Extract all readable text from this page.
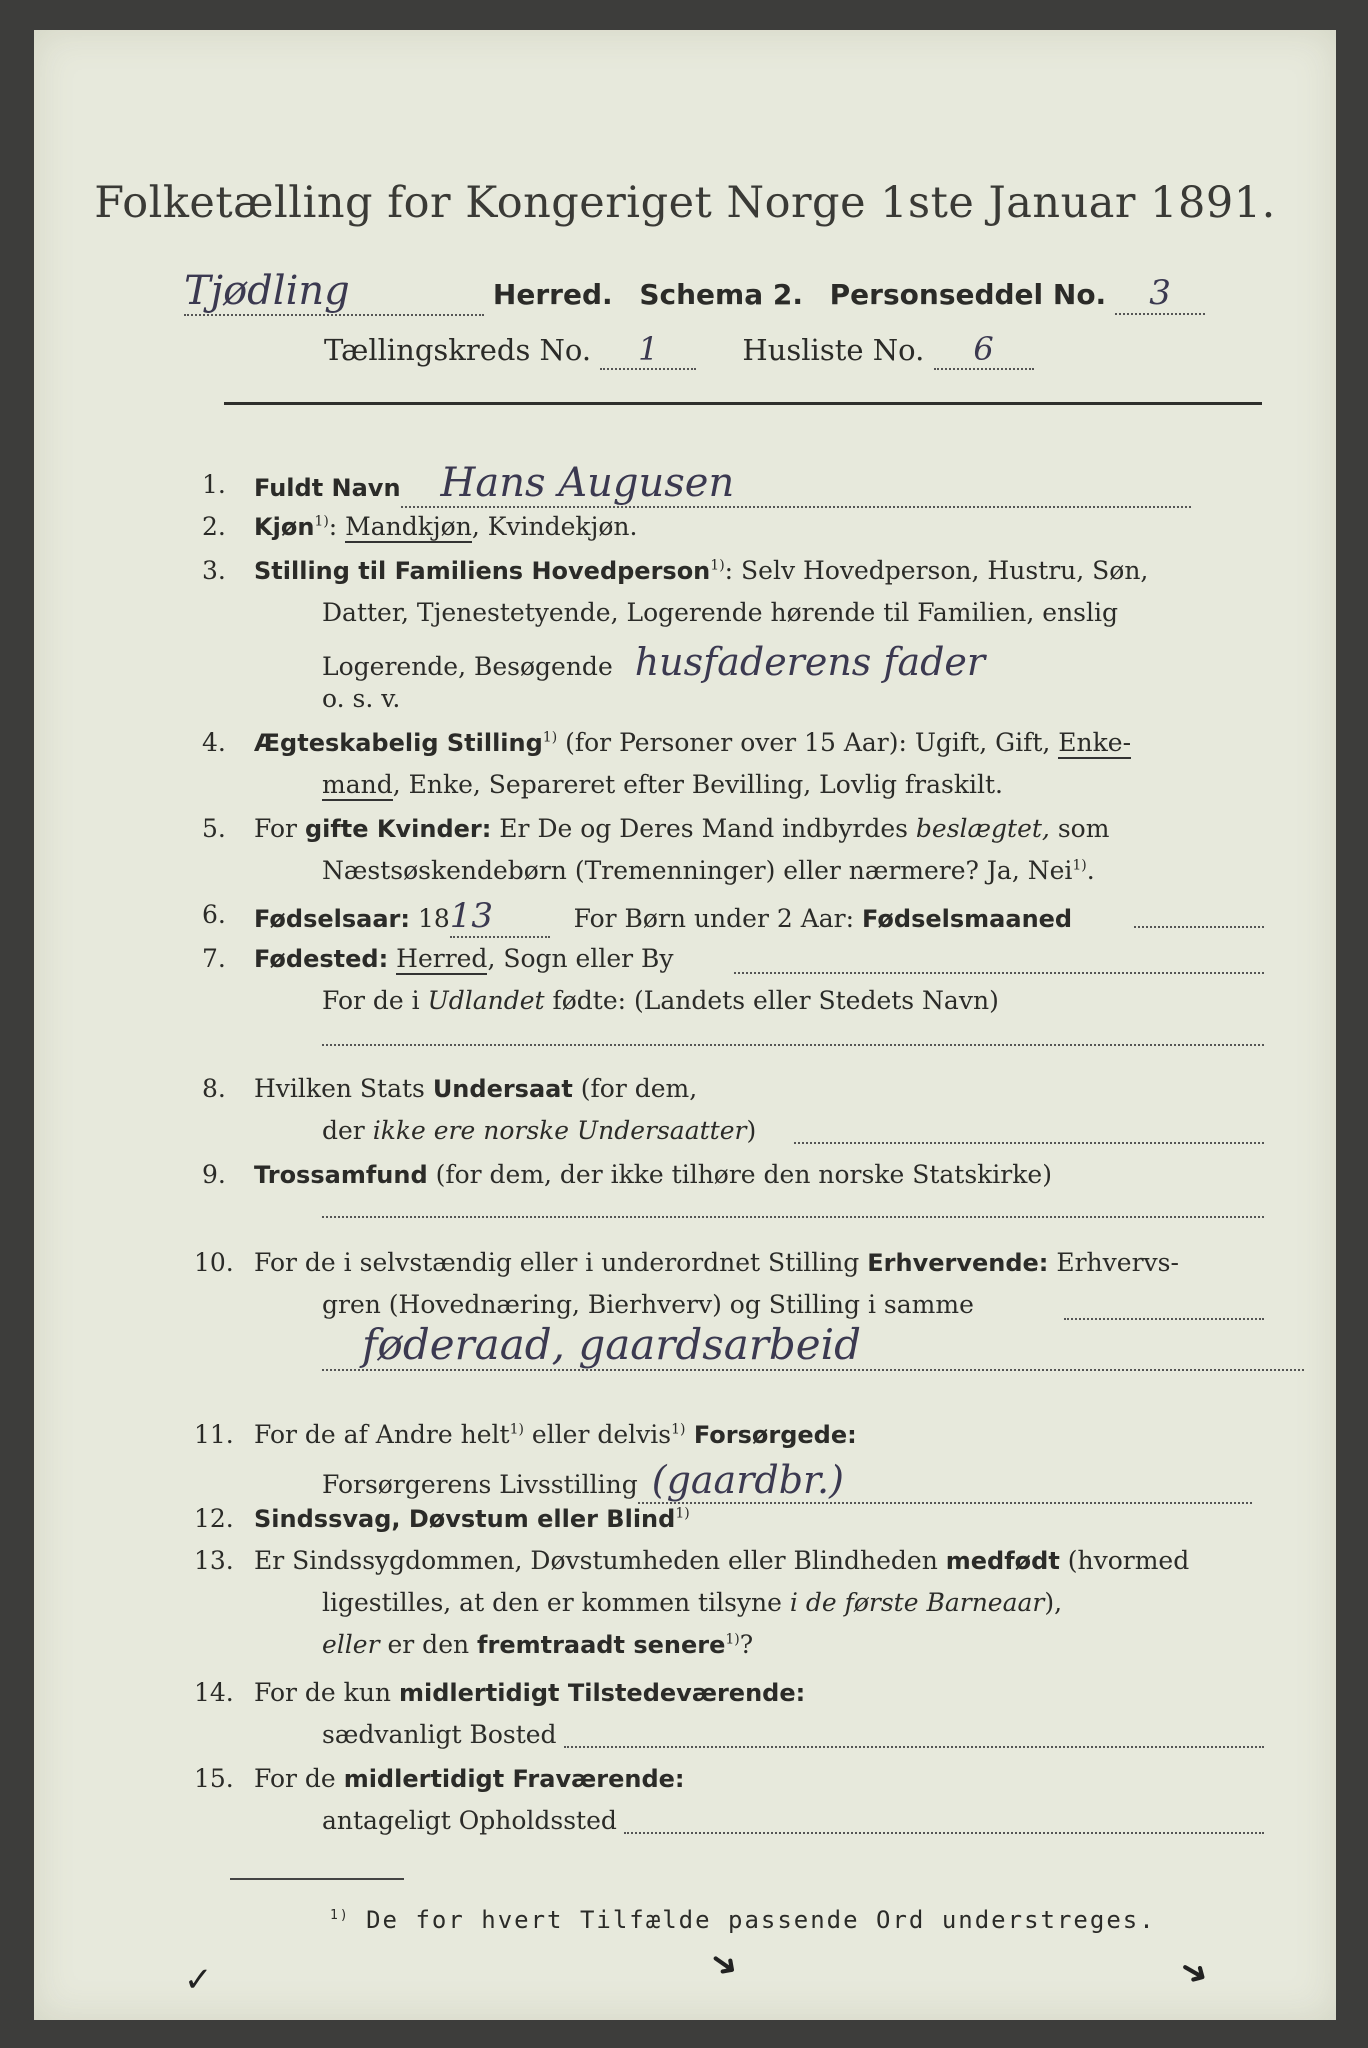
Folketælling for Kongeriget Norge 1ste Januar 1891.
Tjødling	Herred. Schema 2. Personseddel No. 3
Tællingskreds No. 1	Husliste No. 6
1. Fuldt Navn Hans Augusen
2. Kjøn$^{1)}$: Mandkjøn, Kvindekjøn.
3. Stilling til Familiens Hovedperson$^{1)}$: Selv Hovedperson, Hustru, Søn,
Datter, Tjenestetyende, Logerende hørende til Familien, enslig
Logerende, Besøgende husfaderens fader
o. s. v.
4. Ægteskabelig Stilling$^{1)}$ (for Personer over 15 Aar): Ugift, Gift, Enke-
mand, Enke, Separeret efter Bevilling, Lovlig fraskilt.
5. For gifte Kvinder: Er De og Deres Mand indbyrdes beslægtet, som
Næstsøskendebørn (Tremenninger) eller nærmere? Ja, Nei$^{1)}$.
6. Fødselsaar: 1813	For Børn under 2 Aar: Fødselsmaaned
7. Fødested: Herred, Sogn eller By
For de i Udlandet fødte: (Landets eller Stedets Navn)
8. Hvilken Stats Undersaat (for dem,
der ikke ere norske Undersaatter)
9. Trossamfund (for dem, der ikke tilhøre den norske Statskirke)
10. For de i selvstændig eller i underordnet Stilling Erhvervende: Erhvervs-
gren (Hovednæring, Bierhverv) og Stilling i samme
føderaad, gaardsarbeid
11. For de af Andre helt$^{1)}$ eller delvis$^{1)}$ Forsørgede:
Forsørgerens Livsstilling (gaardbr.)
12. Sindssvag, Døvstum eller Blind$^{1)}$
13. Er Sindssygdommen, Døvstumheden eller Blindheden medfødt (hvormed
ligestilles, at den er kommen tilsyne i de første Barneaar),
eller er den fremtraadt senere$^{1)}$?
14. For de kun midlertidigt Tilstedeværende:
sædvanligt Bosted
15. For de midlertidigt Fraværende:
antageligt Opholdssted
$^{1)}$ De for hvert Tilfælde passende Ord understreges.
✓	➜	➜
